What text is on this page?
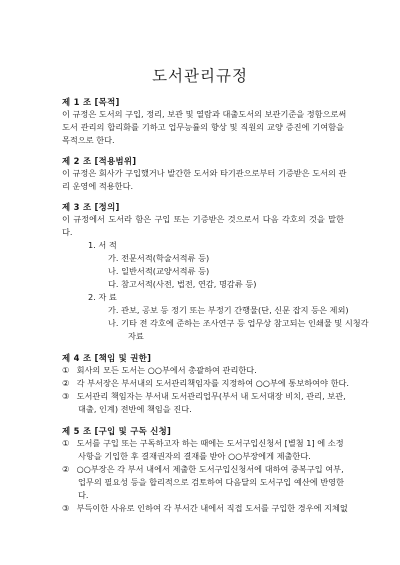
도서관리규정
제 1 조 [목적]
이 규정은 도서의 구입, 정리, 보관 및 열람과 대출도서의 보관기준을 정함으로써
도서 관리의 합리화를 기하고 업무능률의 향상 및 직원의 교양 증진에 기여함을
목적으로 한다.
제 2 조 [적용범위]
이 규정은 회사가 구입했거나 발간한 도서와 타기관으로부터 기증받은 도서의 관
리 운영에 적용한다.
제 3 조 [정의]
이 규정에서 도서라 함은 구입 또는 기증받은 것으로서 다음 각호의 것을 말한
다.
1. 서 적
가. 전문서적(학술서적류 등)
나. 일반서적(교양서적류 등)
다. 참고서적(사전, 법전, 연감, 명감류 등)
2. 자 료
가. 관보, 공보 등 정기 또는 부정기 간행물(단, 신문 잡지 등은 제외)
나. 기타 전 각호에 준하는 조사연구 등 업무상 참고되는 인쇄물 및 시청각
자료
제 4 조 [책임 및 권한]
① 회사의 모든 도서는 ○○부에서 총괄하여 관리한다.
② 각 부서장은 부서내의 도서관리책임자를 지정하여 ○○부에 통보하여야 한다.
③ 도서관리 책임자는 부서내 도서관리업무(부서 내 도서대장 비치, 관리, 보관,
대출, 인계) 전반에 책임을 진다.
제 5 조 [구입 및 구독 신청]
① 도서를 구입 또는 구독하고자 하는 때에는 도서구입신청서 [별첨 1] 에 소정
사항을 기입한 후 결재권자의 결재를 받아 ○○부장에게 제출한다.
② ○○부장은 각 부서 내에서 제출한 도서구입신청서에 대하여 중복구입 여부,
업무의 필요성 등을 합리적으로 검토하여 다음달의 도서구입 예산에 반영한
다.
③ 부득이한 사유로 인하여 각 부서간 내에서 직접 도서를 구입한 경우에 지체없
